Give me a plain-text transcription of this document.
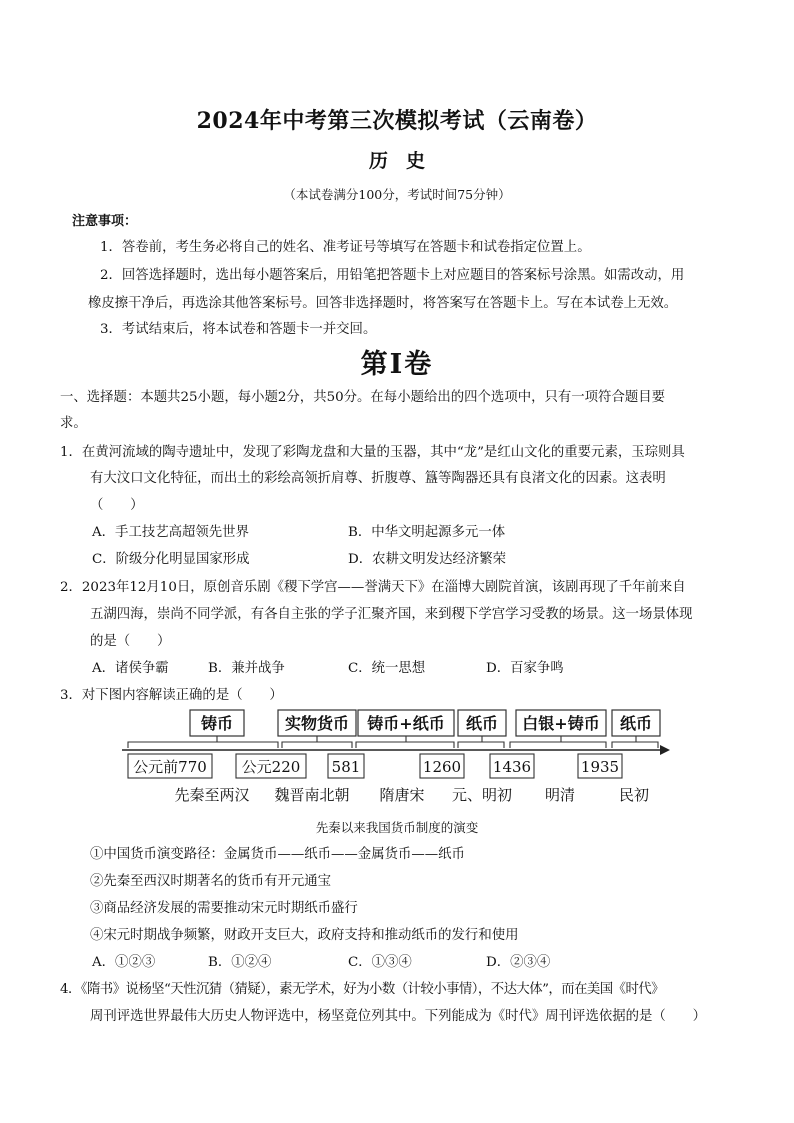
2024年中考第三次模拟考试（云南卷）
历史
（本试卷满分100分，考试时间75分钟）
注意事项：
1．答卷前，考生务必将自己的姓名、准考证号等填写在答题卡和试卷指定位置上。
2．回答选择题时，选出每小题答案后，用铅笔把答题卡上对应题目的答案标号涂黑。如需改动，用
橡皮擦干净后，再选涂其他答案标号。回答非选择题时，将答案写在答题卡上。写在本试卷上无效。
3．考试结束后，将本试卷和答题卡一并交回。
第Ⅰ卷
一、选择题：本题共25小题，每小题2分，共50分。在每小题给出的四个选项中，只有一项符合题目要
求。
1．在黄河流域的陶寺遗址中，发现了彩陶龙盘和大量的玉器，其中“龙”是红山文化的重要元素，玉琮则具
有大汶口文化特征，而出土的彩绘高领折肩尊、折腹尊、簋等陶器还具有良渚文化的因素。这表明
（　　）
A．手工技艺高超领先世界	B．中华文明起源多元一体
C．阶级分化明显国家形成	D．农耕文明发达经济繁荣
2．2023年12月10日，原创音乐剧《稷下学宫——誉满天下》在淄博大剧院首演，该剧再现了千年前来自
五湖四海，崇尚不同学派，有各自主张的学子汇聚齐国，来到稷下学宫学习受教的场景。这一场景体现
的是（　　）
A．诸侯争霸	B．兼并战争	C．统一思想	D．百家争鸣
3．对下图内容解读正确的是（　　）
铸币	实物货币 铸币+纸币 纸币 白银+铸币 纸币
公元前770 公元220 581	1260 1436	1935
先秦至两汉 魏晋南北朝 隋唐宋 元、明初 明清	民初
先秦以来我国货币制度的演变
①中国货币演变路径：金属货币——纸币——金属货币——纸币
②先秦至西汉时期著名的货币有开元通宝
③商品经济发展的需要推动宋元时期纸币盛行
④宋元时期战争频繁，财政开支巨大，政府支持和推动纸币的发行和使用
A．①②③	B．①②④	C．①③④	D．②③④
4．《隋书》说杨坚“天性沉猜（猜疑），素无学术，好为小数（计较小事情），不达大体”，而在美国《时代》
周刊评选世界最伟大历史人物评选中，杨坚竟位列其中。下列能成为《时代》周刊评选依据的是（　　）
